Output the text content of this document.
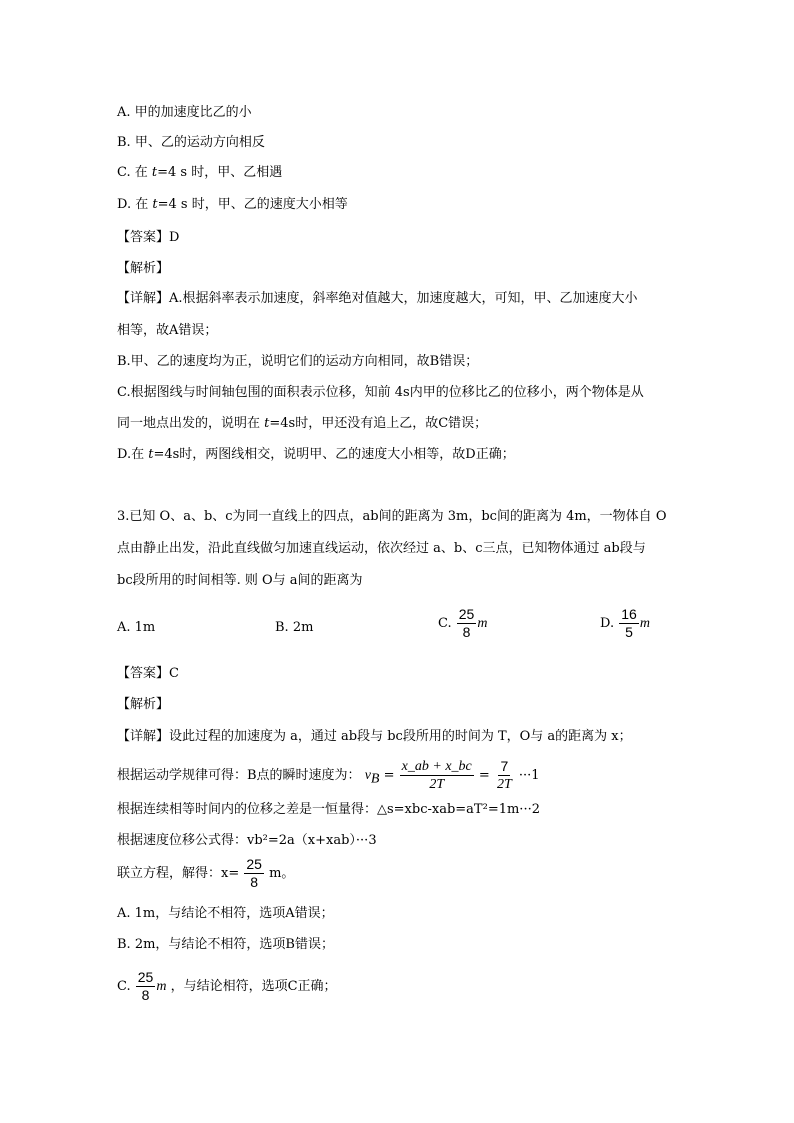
A. 甲的加速度比乙的小
B. 甲、乙的运动方向相反
C. 在 t=4 s 时，甲、乙相遇
D. 在 t=4 s 时，甲、乙的速度大小相等
【答案】D
【解析】
【详解】A.根据斜率表示加速度，斜率绝对值越大，加速度越大，可知，甲、乙加速度大小
相等，故A错误；
B.甲、乙的速度均为正，说明它们的运动方向相同，故B错误；
C.根据图线与时间轴包围的面积表示位移，知前 4s内甲的位移比乙的位移小，两个物体是从
同一地点出发的，说明在 t=4s时，甲还没有追上乙，故C错误；
D.在 t=4s时，两图线相交，说明甲、乙的速度大小相等，故D正确；
3.已知 O、a、b、c为同一直线上的四点，ab间的距离为 3m，bc间的距离为 4m，一物体自 O
点由静止出发，沿此直线做匀加速直线运动，依次经过 a、b、c三点，已知物体通过 ab段与
bc段所用的时间相等. 则 O与 a间的距离为
A. 1m	B. 2m	C. $\frac{25}{8}$ m	D. $\frac{16}{5}$ m
【答案】C
【解析】
【详解】设此过程的加速度为 a，通过 ab段与 bc段所用的时间为 T，O与 a的距离为 x；
根据运动学规律可得：B点的瞬时速度为： $v_B = \frac{x\_ab + x\_bc}{2T} = \frac{7}{2T} \cdot\cdot\cdot 1$
根据连续相等时间内的位移之差是一恒量得：△s=xbc-xab=aT²=1m···2
根据速度位移公式得：vb²=2a（x+xab）···3
联立方程，解得：$x= \frac{25}{8}$ m。
A. 1m，与结论不相符，选项A错误；
B. 2m，与结论不相符，选项B错误；
C. $\frac{25}{8}$ m ，与结论相符，选项C正确；
